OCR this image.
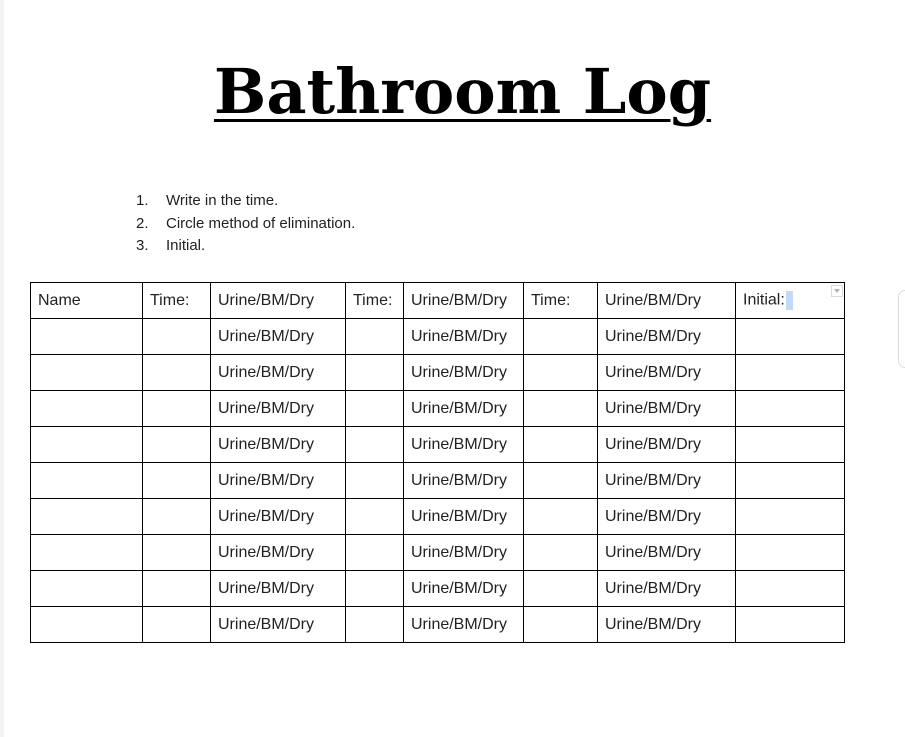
Bathroom Log
1.	Write in the time.
2.	Circle method of elimination.
3.	Initial.
Name	Time:	Urine/BM/Dry	Time:	Urine/BM/Dry	Time:	Urine/BM/Dry	Initial:

		Urine/BM/Dry		Urine/BM/Dry		Urine/BM/Dry	
		Urine/BM/Dry		Urine/BM/Dry		Urine/BM/Dry	
		Urine/BM/Dry		Urine/BM/Dry		Urine/BM/Dry	
		Urine/BM/Dry		Urine/BM/Dry		Urine/BM/Dry	
		Urine/BM/Dry		Urine/BM/Dry		Urine/BM/Dry	
		Urine/BM/Dry		Urine/BM/Dry		Urine/BM/Dry	
		Urine/BM/Dry		Urine/BM/Dry		Urine/BM/Dry	
		Urine/BM/Dry		Urine/BM/Dry		Urine/BM/Dry	
		Urine/BM/Dry		Urine/BM/Dry		Urine/BM/Dry	
